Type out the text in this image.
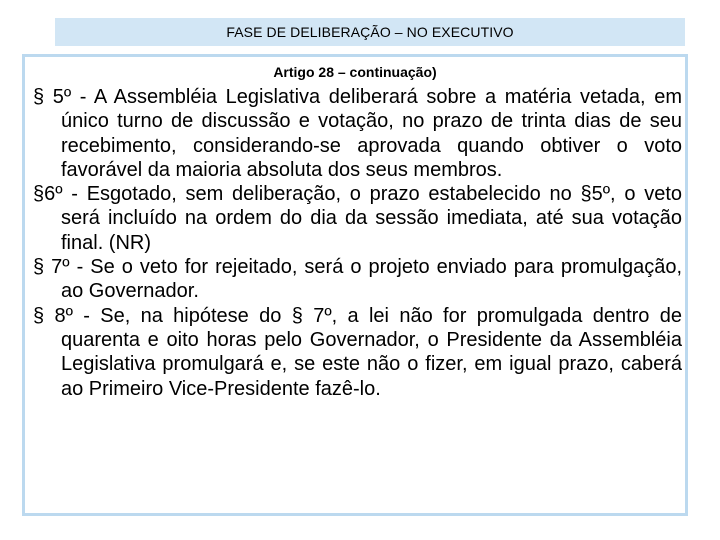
FASE DE DELIBERAÇÃO – NO EXECUTIVO
Artigo 28 – continuação)

§ 5º - A Assembléia Legislativa deliberará sobre a matéria vetada, em único turno de discussão e votação, no prazo de trinta dias de seu recebimento, considerando-se aprovada quando obtiver o voto favorável da maioria absoluta dos seus membros.

§6º - Esgotado, sem deliberação, o prazo estabelecido no §5º, o veto será incluído na ordem do dia da sessão imediata, até sua votação final. (NR)

§ 7º - Se o veto for rejeitado, será o projeto enviado para promulgação, ao Governador.

§ 8º - Se, na hipótese do § 7º, a lei não for promulgada dentro de quarenta e oito horas pelo Governador, o Presidente da Assembléia Legislativa promulgará e, se este não o fizer, em igual prazo, caberá ao Primeiro Vice-Presidente fazê-lo.
